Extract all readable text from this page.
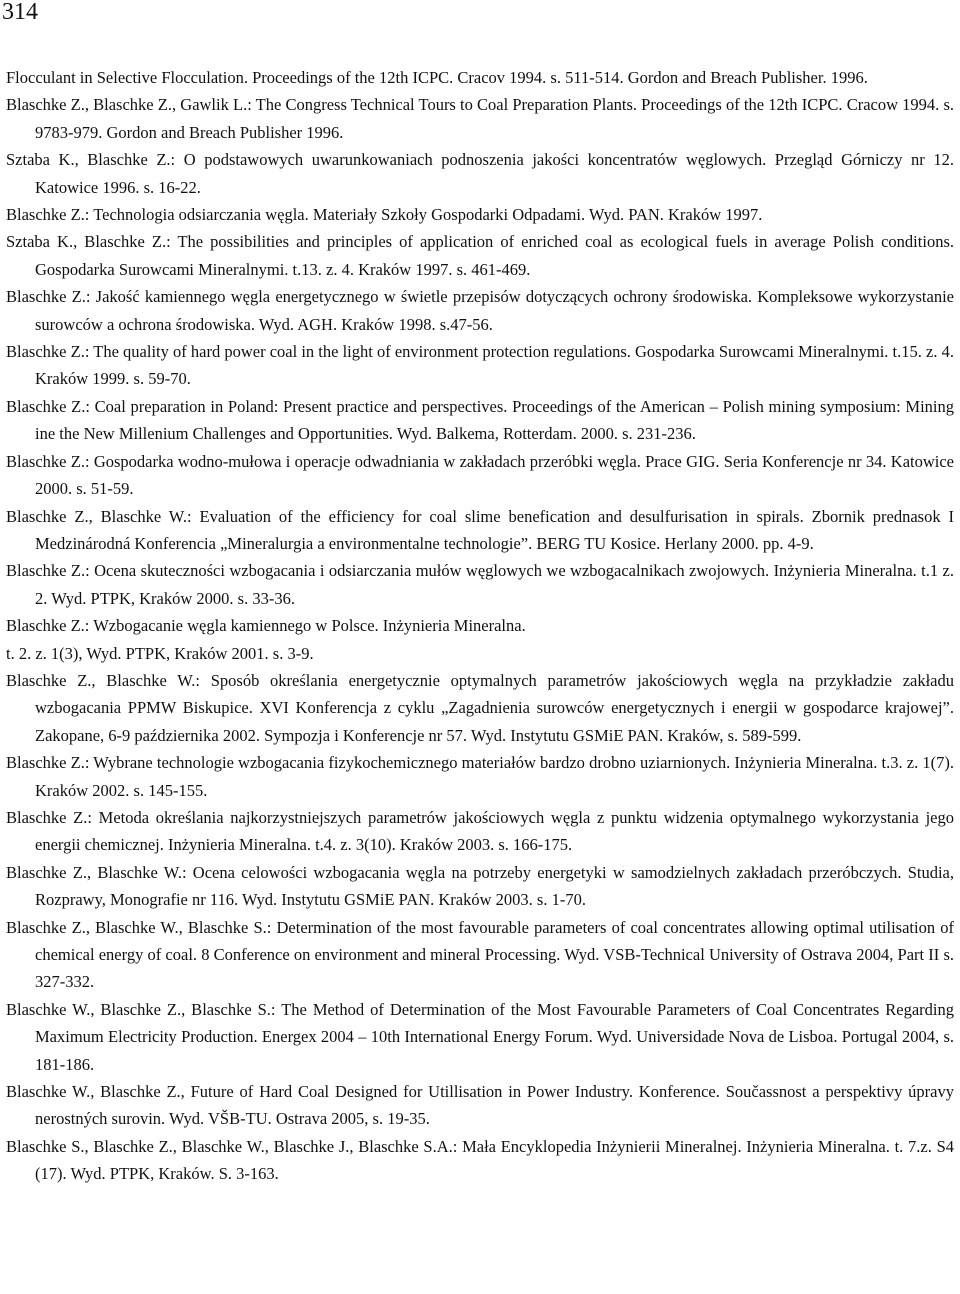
314

Flocculant in Selective Flocculation. Proceedings of the 12th ICPC. Cracov 1994. s. 511-514. Gordon and Breach Publisher. 1996.

Blaschke Z., Blaschke Z., Gawlik L.: The Congress Technical Tours to Coal Preparation Plants. Proceedings of the 12th ICPC. Cracow 1994. s. 9783-979. Gordon and Breach Publisher 1996.

Sztaba K., Blaschke Z.: O podstawowych uwarunkowaniach podnoszenia jakości koncentratów węglowych. Przegląd Górniczy nr 12. Katowice 1996. s. 16-22.

Blaschke Z.: Technologia odsiarczania węgla. Materiały Szkoły Gospodarki Odpadami. Wyd. PAN. Kraków 1997.

Sztaba K., Blaschke Z.: The possibilities and principles of application of enriched coal as ecological fuels in average Polish conditions. Gospodarka Surowcami Mineralnymi. t.13. z. 4. Kraków 1997. s. 461-469.

Blaschke Z.: Jakość kamiennego węgla energetycznego w świetle przepisów dotyczących ochrony środowiska. Kompleksowe wykorzystanie surowców a ochrona środowiska. Wyd. AGH. Kraków 1998. s.47-56.

Blaschke Z.: The quality of hard power coal in the light of environment protection regulations. Gospodarka Surowcami Mineralnymi. t.15. z. 4. Kraków 1999. s. 59-70.

Blaschke Z.: Coal preparation in Poland: Present practice and perspectives. Proceedings of the American – Polish mining symposium: Mining ine the New Millenium Challenges and Opportunities. Wyd. Balkema, Rotterdam. 2000. s. 231-236.

Blaschke Z.: Gospodarka wodno-mułowa i operacje odwadniania w zakładach przeróbki węgla. Prace GIG. Seria Konferencje nr 34. Katowice 2000. s. 51-59.

Blaschke Z., Blaschke W.: Evaluation of the efficiency for coal slime benefication and desulfurisation in spirals. Zbornik prednasok I Medzinárodná Konferencia „Mineralurgia a environmentalne technologie”. BERG TU Kosice. Herlany 2000. pp. 4-9.

Blaschke Z.: Ocena skuteczności wzbogacania i odsiarczania mułów węglowych we wzbogacalnikach zwojowych. Inżynieria Mineralna. t.1 z. 2. Wyd. PTPK, Kraków 2000. s. 33-36.

Blaschke Z.: Wzbogacanie węgla kamiennego w Polsce. Inżynieria Mineralna.

t. 2. z. 1(3), Wyd. PTPK, Kraków 2001. s. 3-9.

Blaschke Z., Blaschke W.: Sposób określania energetycznie optymalnych parametrów jakościowych węgla na przykładzie zakładu wzbogacania PPMW Biskupice. XVI Konferencja z cyklu „Zagadnienia surowców energetycznych i energii w gospodarce krajowej”. Zakopane, 6-9 października 2002. Sympozja i Konferencje nr 57. Wyd. Instytutu GSMiE PAN. Kraków, s. 589-599.

Blaschke Z.: Wybrane technologie wzbogacania fizykochemicznego materiałów bardzo drobno uziarnionych. Inżynieria Mineralna. t.3. z. 1(7). Kraków 2002. s. 145-155.

Blaschke Z.: Metoda określania najkorzystniejszych parametrów jakościowych węgla z punktu widzenia optymalnego wykorzystania jego energii chemicznej. Inżynieria Mineralna. t.4. z. 3(10). Kraków 2003. s. 166-175.

Blaschke Z., Blaschke W.: Ocena celowości wzbogacania węgla na potrzeby energetyki w samodzielnych zakładach przeróbczych. Studia, Rozprawy, Monografie nr 116. Wyd. Instytutu GSMiE PAN. Kraków 2003. s. 1-70.

Blaschke Z., Blaschke W., Blaschke S.: Determination of the most favourable parameters of coal concentrates allowing optimal utilisation of chemical energy of coal. 8 Conference on environment and mineral Processing. Wyd. VSB-Technical University of Ostrava 2004, Part II s. 327-332.

Blaschke W., Blaschke Z., Blaschke S.: The Method of Determination of the Most Favourable Parameters of Coal Concentrates Regarding Maximum Electricity Production. Energex 2004 – 10th International Energy Forum. Wyd. Universidade Nova de Lisboa. Portugal 2004, s. 181-186.

Blaschke W., Blaschke Z., Future of Hard Coal Designed for Utillisation in Power Industry. Konference. Součassnost a perspektivy úpravy nerostných surovin. Wyd. VŠB-TU. Ostrava 2005, s. 19-35.

Blaschke S., Blaschke Z., Blaschke W., Blaschke J., Blaschke S.A.: Mała Encyklopedia Inżynierii Mineralnej. Inżynieria Mineralna. t. 7.z. S4 (17). Wyd. PTPK, Kraków. S. 3-163.
